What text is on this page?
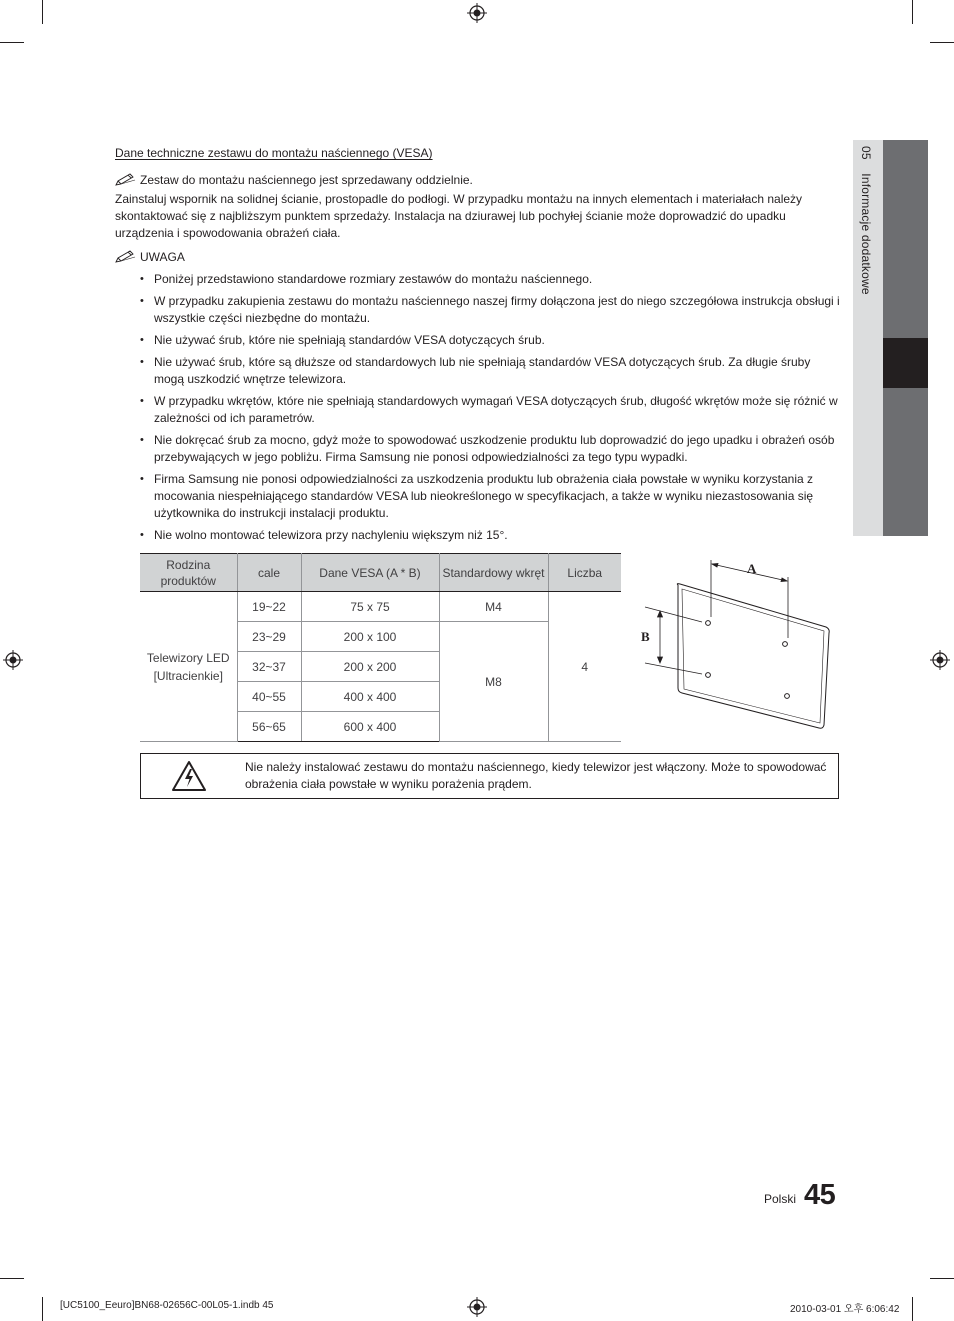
05 Informacje dodatkowe
Dane techniczne zestawu do montażu naściennego (VESA)
Zestaw do montażu naściennego jest sprzedawany oddzielnie.
Zainstaluj wspornik na solidnej ścianie, prostopadle do podłogi. W przypadku montażu na innych elementach i materiałach należy skontaktować się z najbliższym punktem sprzedaży. Instalacja na dziurawej lub pochyłej ścianie może doprowadzić do upadku urządzenia i spowodowania obrażeń ciała.
UWAGA
• Poniżej przedstawiono standardowe rozmiary zestawów do montażu naściennego.
• W przypadku zakupienia zestawu do montażu naściennego naszej firmy dołączona jest do niego szczegółowa instrukcja obsługi i wszystkie części niezbędne do montażu.
• Nie używać śrub, które nie spełniają standardów VESA dotyczących śrub.
• Nie używać śrub, które są dłuższe od standardowych lub nie spełniają standardów VESA dotyczących śrub. Za długie śruby mogą uszkodzić wnętrze telewizora.
• W przypadku wkrętów, które nie spełniają standardowych wymagań VESA dotyczących śrub, długość wkrętów może się różnić w zależności od ich parametrów.
• Nie dokręcać śrub za mocno, gdyż może to spowodować uszkodzenie produktu lub doprowadzić do jego upadku i obrażeń osób przebywających w jego pobliżu. Firma Samsung nie ponosi odpowiedzialności za tego typu wypadki.
• Firma Samsung nie ponosi odpowiedzialności za uszkodzenia produktu lub obrażenia ciała powstałe w wyniku korzystania z mocowania niespełniającego standardów VESA lub nieokreślonego w specyfikacjach, a także w wyniku niezastosowania się użytkownika do instrukcji instalacji produktu.
• Nie wolno montować telewizora przy nachyleniu większym niż 15°.
Rodzina produktów	cale	Dane VESA (A * B)	Standardowy wkręt	Liczba
Telewizory LED [Ultracienkie]	19~22	75 x 75	M4	4
	23~29	200 x 100	M8	
	32~37	200 x 200		
	40~55	400 x 400		
	56~65	600 x 400		
A
B
Nie należy instalować zestawu do montażu naściennego, kiedy telewizor jest włączony. Może to spowodować obrażenia ciała powstałe w wyniku porażenia prądem.
Polski 45
[UC5100_Eeuro]BN68-02656C-00L05-1.indb 45	2010-03-01 오후 6:06:42
